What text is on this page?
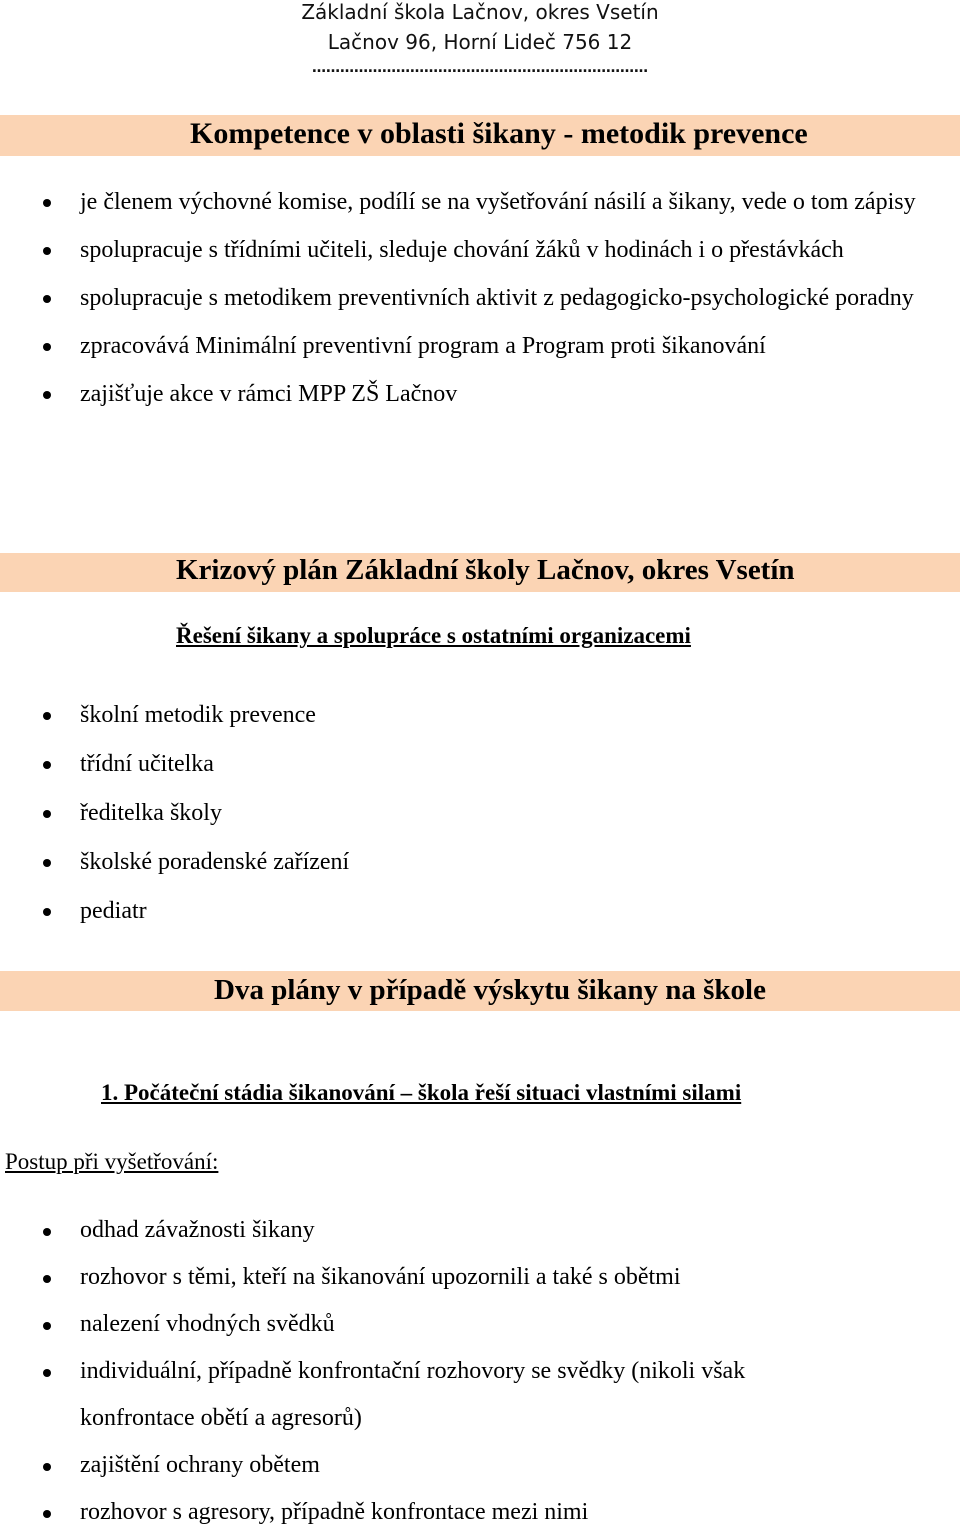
Základní škola Lačnov, okres Vsetín
Lačnov 96, Horní Lideč 756 12
………………………………………………………………
Kompetence v oblasti šikany - metodik prevence
je členem výchovné komise, podílí se na vyšetřování násilí a šikany, vede o tom zápisy
spolupracuje s třídními učiteli, sleduje chování žáků v hodinách i o přestávkách
spolupracuje s metodikem preventivních aktivit z pedagogicko-psychologické poradny
zpracovává Minimální preventivní program a Program proti šikanování
zajišťuje akce v rámci MPP ZŠ Lačnov
Krizový plán Základní školy Lačnov, okres Vsetín
Řešení šikany a spolupráce s ostatními organizacemi
školní metodik prevence
třídní učitelka
ředitelka školy
školské poradenské zařízení
pediatr
Dva plány v případě výskytu šikany na škole
1. Počáteční stádia šikanování – škola řeší situaci vlastními silami
Postup při vyšetřování:
odhad závažnosti šikany
rozhovor s těmi, kteří na šikanování upozornili a také s obětmi
nalezení vhodných svědků
individuální, případně konfrontační rozhovory se svědky (nikoli však konfrontace obětí a agresorů)
zajištění ochrany obětem
rozhovor s agresory, případně konfrontace mezi nimi
